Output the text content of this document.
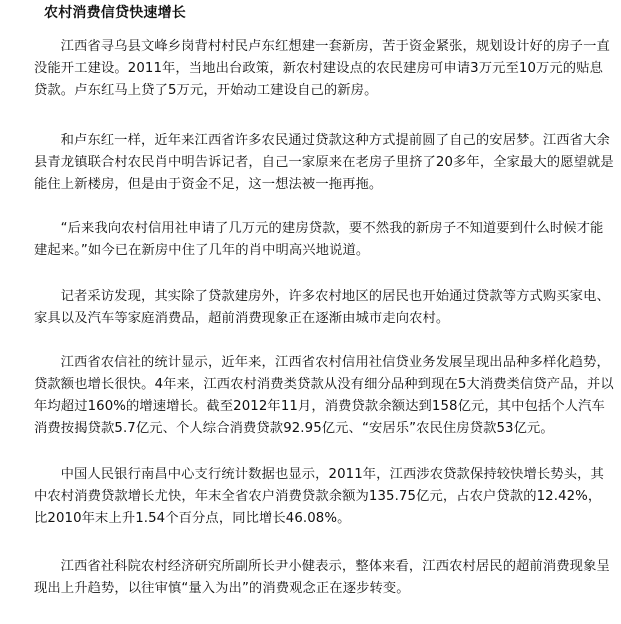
农村消费信贷快速增长

江西省寻乌县文峰乡岗背村村民卢东红想建一套新房，苦于资金紧张，规划设计好的房子一直没能开工建设。2011年，当地出台政策，新农村建设点的农民建房可申请3万元至10万元的贴息贷款。卢东红马上贷了5万元，开始动工建设自己的新房。

和卢东红一样，近年来江西省许多农民通过贷款这种方式提前圆了自己的安居梦。江西省大余县青龙镇联合村农民肖中明告诉记者，自己一家原来在老房子里挤了20多年，全家最大的愿望就是能住上新楼房，但是由于资金不足，这一想法被一拖再拖。

“后来我向农村信用社申请了几万元的建房贷款，要不然我的新房子不知道要到什么时候才能建起来。”如今已在新房中住了几年的肖中明高兴地说道。

记者采访发现，其实除了贷款建房外，许多农村地区的居民也开始通过贷款等方式购买家电、家具以及汽车等家庭消费品，超前消费现象正在逐渐由城市走向农村。

江西省农信社的统计显示，近年来，江西省农村信用社信贷业务发展呈现出品种多样化趋势，贷款额也增长很快。4年来，江西农村消费类贷款从没有细分品种到现在5大消费类信贷产品，并以年均超过160%的增速增长。截至2012年11月，消费贷款余额达到158亿元，其中包括个人汽车消费按揭贷款5.7亿元、个人综合消费贷款92.95亿元、“安居乐”农民住房贷款53亿元。

中国人民银行南昌中心支行统计数据也显示，2011年，江西涉农贷款保持较快增长势头，其中农村消费贷款增长尤快，年末全省农户消费贷款余额为135.75亿元，占农户贷款的12.42%，比2010年末上升1.54个百分点，同比增长46.08%。

江西省社科院农村经济研究所副所长尹小健表示，整体来看，江西农村居民的超前消费现象呈现出上升趋势，以往审慎“量入为出”的消费观念正在逐步转变。
